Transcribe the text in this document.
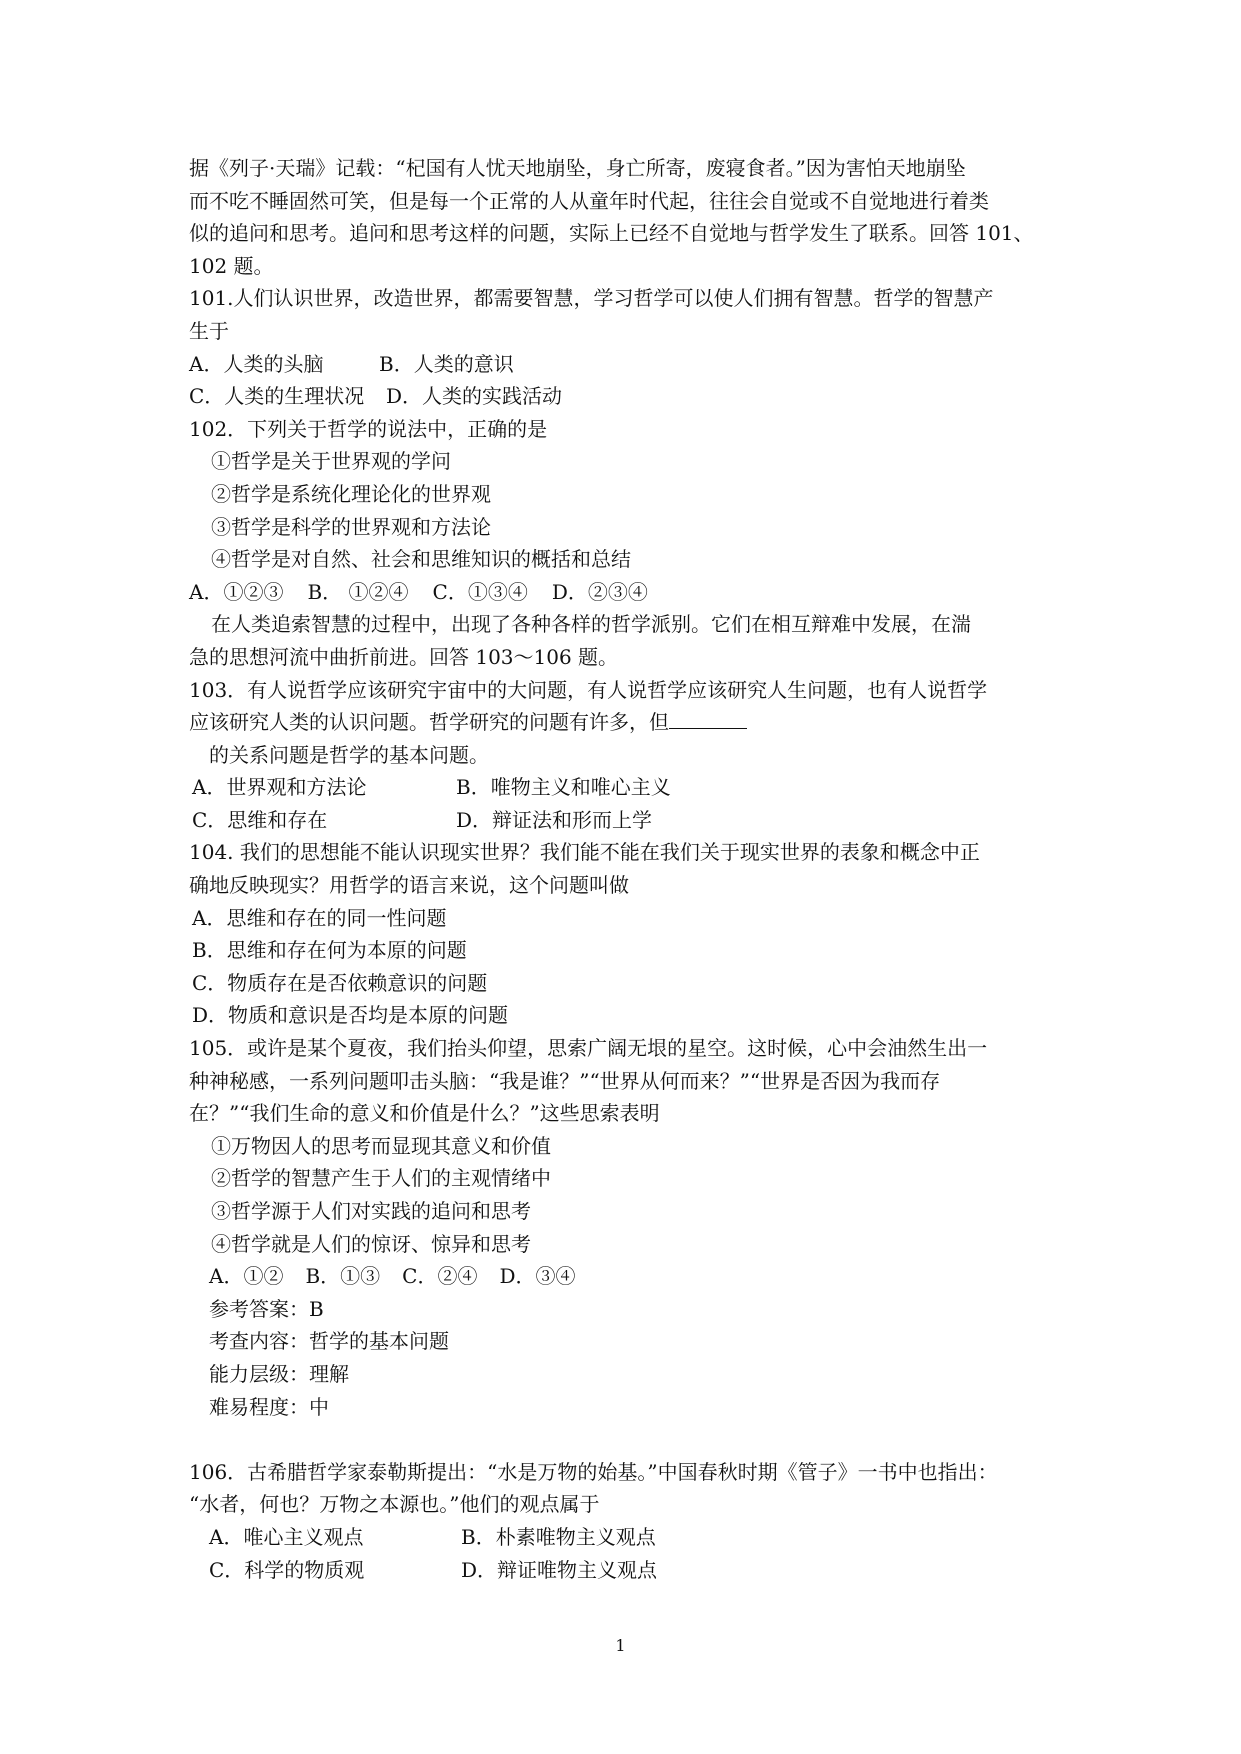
据《列子·天瑞》记载：“杞国有人忧天地崩坠，身亡所寄，废寝食者。”因为害怕天地崩坠
而不吃不睡固然可笑，但是每一个正常的人从童年时代起，往往会自觉或不自觉地进行着类
似的追问和思考。追问和思考这样的问题，实际上已经不自觉地与哲学发生了联系。回答 101、
102 题。
101.人们认识世界，改造世界，都需要智慧，学习哲学可以使人们拥有智慧。哲学的智慧产
生于
A．人类的头脑	B．人类的意识
C．人类的生理状况 D．人类的实践活动
102．下列关于哲学的说法中，正确的是
①哲学是关于世界观的学问
②哲学是系统化理论化的世界观
③哲学是科学的世界观和方法论
④哲学是对自然、社会和思维知识的概括和总结
A．①②③ B． ①②④ C．①③④ D．②③④
在人类追索智慧的过程中，出现了各种各样的哲学派别。它们在相互辩难中发展，在湍
急的思想河流中曲折前进。回答 103～106 题。
103．有人说哲学应该研究宇宙中的大问题，有人说哲学应该研究人生问题，也有人说哲学
应该研究人类的认识问题。哲学研究的问题有许多，但
的关系问题是哲学的基本问题。
A．世界观和方法论	B．唯物主义和唯心主义
C．思维和存在	D．辩证法和形而上学
104. 我们的思想能不能认识现实世界？我们能不能在我们关于现实世界的表象和概念中正
确地反映现实？用哲学的语言来说，这个问题叫做
A．思维和存在的同一性问题
B．思维和存在何为本原的问题
C．物质存在是否依赖意识的问题
D．物质和意识是否均是本原的问题
105．或许是某个夏夜，我们抬头仰望，思索广阔无垠的星空。这时候，心中会油然生出一
种神秘感，一系列问题叩击头脑：“我是谁？”“世界从何而来？”“世界是否因为我而存
在？”“我们生命的意义和价值是什么？”这些思索表明
①万物因人的思考而显现其意义和价值
②哲学的智慧产生于人们的主观情绪中
③哲学源于人们对实践的追问和思考
④哲学就是人们的惊讶、惊异和思考
A．①② B．①③ C．②④ D．③④
参考答案：B
考查内容：哲学的基本问题
能力层级：理解
难易程度：中
106．古希腊哲学家泰勒斯提出：“水是万物的始基。”中国春秋时期《管子》一书中也指出：
“水者，何也？万物之本源也。”他们的观点属于
A．唯心主义观点	B．朴素唯物主义观点
C．科学的物质观	D．辩证唯物主义观点
1
